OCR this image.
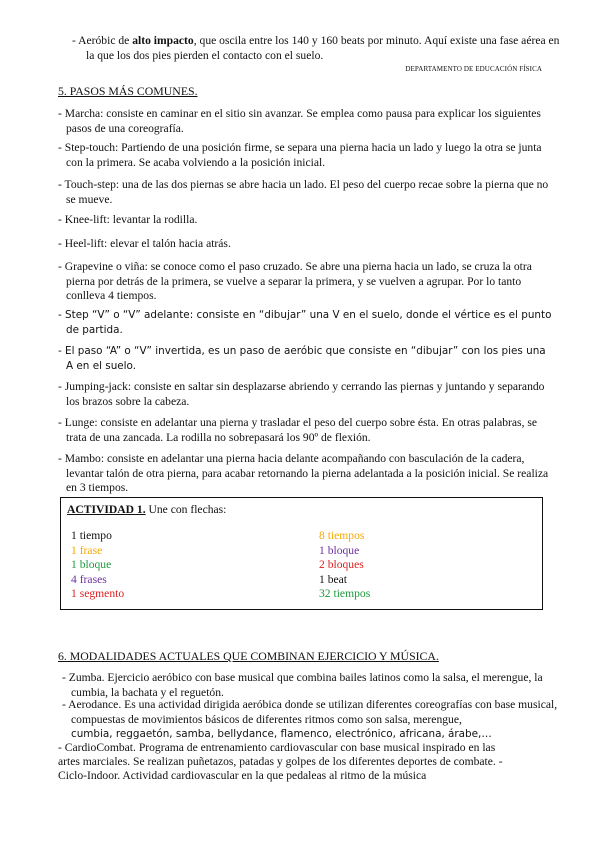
- Aeróbic de alto impacto, que oscila entre los 140 y 160 beats por minuto. Aquí existe una fase aérea en la que los dos pies pierden el contacto con el suelo.
DEPARTAMENTO DE EDUCACIÓN FÍSICA
5. PASOS MÁS COMUNES.
- Marcha: consiste en caminar en el sitio sin avanzar. Se emplea como pausa para explicar los siguientes pasos de una coreografía.
- Step-touch: Partiendo de una posición firme, se separa una pierna hacia un lado y luego la otra se junta con la primera. Se acaba volviendo a la posición inicial.
- Touch-step: una de las dos piernas se abre hacia un lado. El peso del cuerpo recae sobre la pierna que no se mueve.
- Knee-lift: levantar la rodilla.
- Heel-lift: elevar el talón hacia atrás.
- Grapevine o viña: se conoce como el paso cruzado. Se abre una pierna hacia un lado, se cruza la otra pierna por detrás de la primera, se vuelve a separar la primera, y se vuelven a agrupar. Por lo tanto conlleva 4 tiempos.
- Step “V” o “V” adelante: consiste en “dibujar” una V en el suelo, donde el vértice es el punto de partida.
- El paso “A” o “V” invertida, es un paso de aeróbic que consiste en “dibujar” con los pies una A en el suelo.
- Jumping-jack: consiste en saltar sin desplazarse abriendo y cerrando las piernas y juntando y separando los brazos sobre la cabeza.
- Lunge: consiste en adelantar una pierna y trasladar el peso del cuerpo sobre ésta. En otras palabras, se trata de una zancada. La rodilla no sobrepasará los 90º de flexión.
- Mambo: consiste en adelantar una pierna hacia delante acompañando con basculación de la cadera, levantar talón de otra pierna, para acabar retornando la pierna adelantada a la posición inicial. Se realiza en 3 tiempos.
ACTIVIDAD 1. Une con flechas:
1 tiempo
1 frase
1 bloque
4 frases
1 segmento
8 tiempos
1 bloque
2 bloques
1 beat
32 tiempos
6. MODALIDADES ACTUALES QUE COMBINAN EJERCICIO Y MÚSICA.
- Zumba. Ejercicio aeróbico con base musical que combina bailes latinos como la salsa, el merengue, la cumbia, la bachata y el reguetón.
- Aerodance. Es una actividad dirigida aeróbica donde se utilizan diferentes coreografías con base musical, compuestas de movimientos básicos de diferentes ritmos como son salsa, merengue,
cumbia, reggaetón, samba, bellydance, flamenco, electrónico, africana, árabe,…
- CardioCombat. Programa de entrenamiento cardiovascular con base musical inspirado en las
artes marciales. Se realizan puñetazos, patadas y golpes de los diferentes deportes de combate. -
Ciclo-Indoor. Actividad cardiovascular en la que pedaleas al ritmo de la música
